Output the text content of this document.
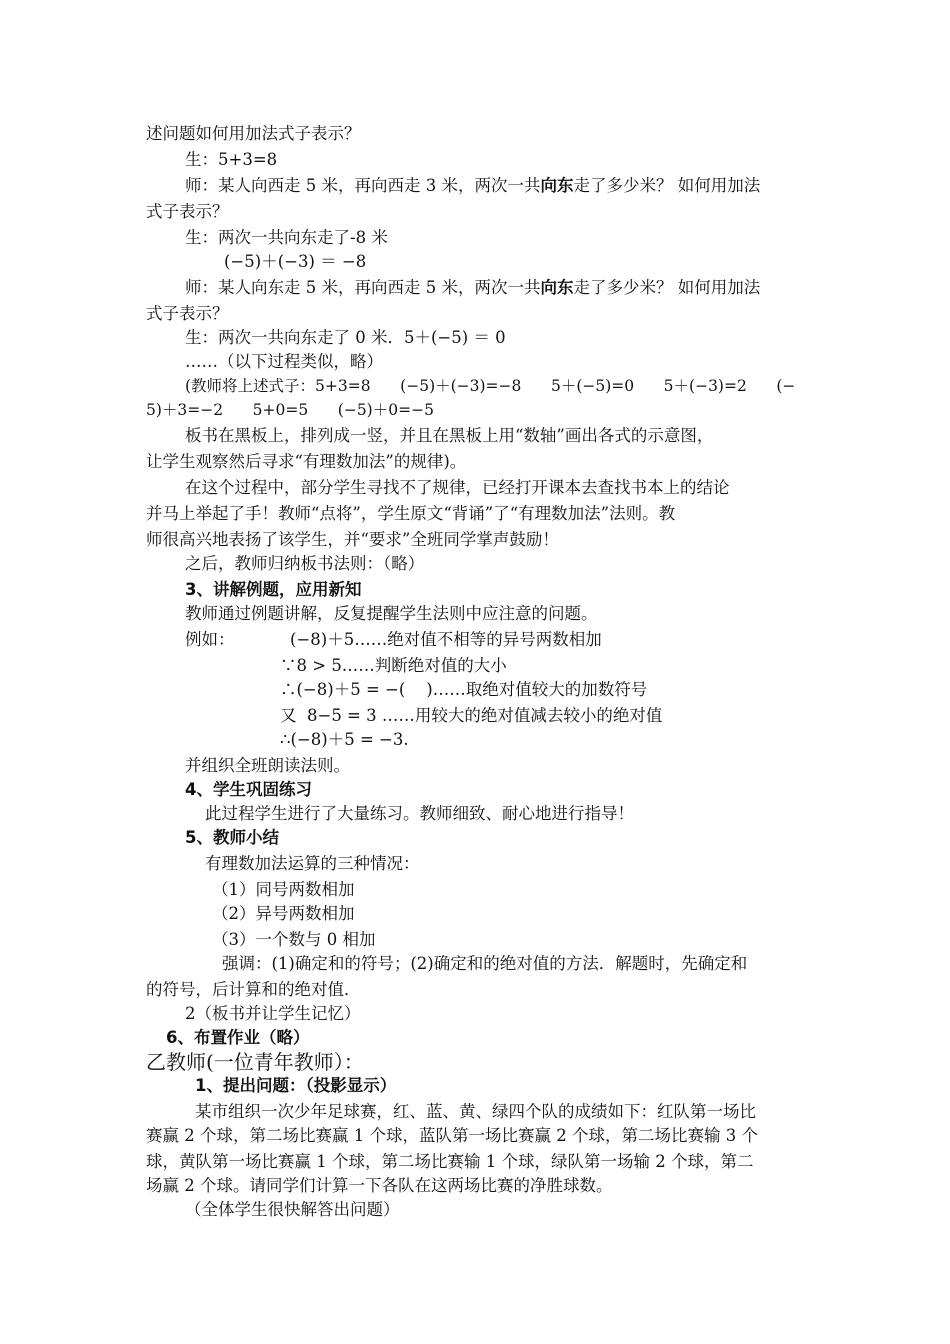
述问题如何用加法式子表示？
生：5+3=8
师：某人向西走 5 米，再向西走 3 米，两次一共向东走了多少米？ 如何用加法
式子表示？
生：两次一共向东走了-8 米
(−5)＋(−3) ＝ −8
师：某人向东走 5 米，再向西走 5 米，两次一共向东走了多少米？ 如何用加法
式子表示？
生：两次一共向东走了 0 米．5＋(−5) ＝ 0
……（以下过程类似，略）
(教师将上述式子：5+3=8      (−5)＋(−3)=−8      5＋(−5)=0      5＋(−3)=2      (−
5)＋3=−2      5+0=5      (−5)＋0=−5
板书在黑板上，排列成一竖，并且在黑板上用“数轴”画出各式的示意图，
让学生观察然后寻求“有理数加法”的规律)。
在这个过程中，部分学生寻找不了规律，已经打开课本去查找书本上的结论
并马上举起了手！教师“点将”，学生原文“背诵”了“有理数加法”法则。教
师很高兴地表扬了该学生，并“要求”全班同学掌声鼓励！
之后，教师归纳板书法则：（略）
3、讲解例题，应用新知
教师通过例题讲解，反复提醒学生法则中应注意的问题。
例如：	(−8)＋5……绝对值不相等的异号两数相加
∵8 > 5……判断绝对值的大小
∴(−8)＋5 = −(    )……取绝对值较大的加数符号
又  8−5 = 3 ……用较大的绝对值减去较小的绝对值
∴(−8)＋5 = −3.
并组织全班朗读法则。
4、学生巩固练习
此过程学生进行了大量练习。教师细致、耐心地进行指导！
5、教师小结
有理数加法运算的三种情况：
（1）同号两数相加
（2）异号两数相加
（3）一个数与 0 相加
强调：(1)确定和的符号；(2)确定和的绝对值的方法．解题时，先确定和
的符号，后计算和的绝对值．
2（板书并让学生记忆）
6、布置作业（略）
乙教师(一位青年教师）：
1、提出问题：（投影显示）
某市组织一次少年足球赛，红、蓝、黄、绿四个队的成绩如下：红队第一场比
赛赢 2 个球，第二场比赛赢 1 个球，蓝队第一场比赛赢 2 个球，第二场比赛输 3 个
球，黄队第一场比赛赢 1 个球，第二场比赛输 1 个球，绿队第一场输 2 个球，第二
场赢 2 个球。请同学们计算一下各队在这两场比赛的净胜球数。
（全体学生很快解答出问题）
